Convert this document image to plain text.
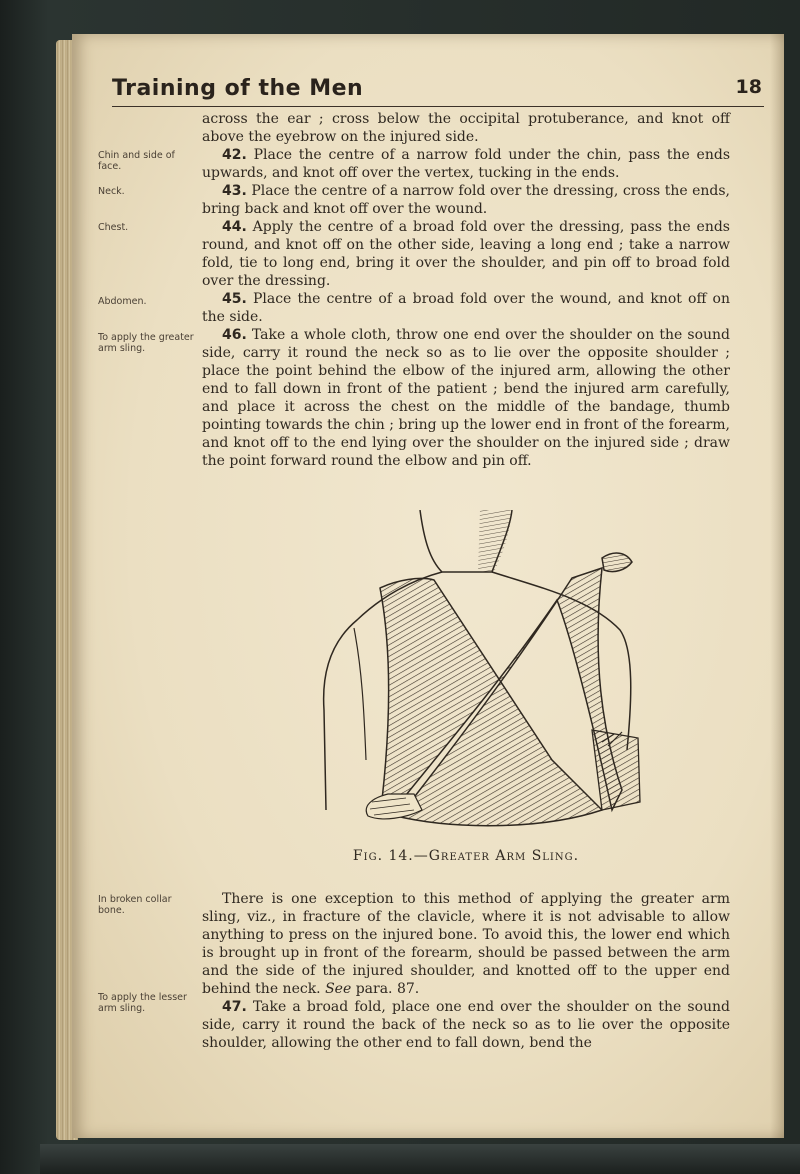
Training of the Men	18
Chin and side of face.
Neck.
Chest.
Abdomen.
To apply the greater arm sling.
In broken collar bone.
To apply the lesser arm sling.

across the ear ; cross below the occipital protuberance, and knot off above the eyebrow on the injured side.

42. Place the centre of a narrow fold under the chin, pass the ends upwards, and knot off over the vertex, tucking in the ends.

43. Place the centre of a narrow fold over the dressing, cross the ends, bring back and knot off over the wound.

44. Apply the centre of a broad fold over the dressing, pass the ends round, and knot off on the other side, leaving a long end ; take a narrow fold, tie to long end, bring it over the shoulder, and pin off to broad fold over the dressing.

45. Place the centre of a broad fold over the wound, and knot off on the side.

46. Take a whole cloth, throw one end over the shoulder on the sound side, carry it round the neck so as to lie over the opposite shoulder ; place the point behind the elbow of the injured arm, allowing the other end to fall down in front of the patient ; bend the injured arm carefully, and place it across the chest on the middle of the bandage, thumb pointing towards the chin ; bring up the lower end in front of the forearm, and knot off to the end lying over the shoulder on the injured side ; draw the point forward round the elbow and pin off.

Fig. 14.—Greater Arm Sling.

There is one exception to this method of applying the greater arm sling, viz., in fracture of the clavicle, where it is not advisable to allow anything to press on the injured bone. To avoid this, the lower end which is brought up in front of the forearm, should be passed between the arm and the side of the injured shoulder, and knotted off to the upper end behind the neck. See para. 87.

47. Take a broad fold, place one end over the shoulder on the sound side, carry it round the back of the neck so as to lie over the opposite shoulder, allowing the other end to fall down, bend the
